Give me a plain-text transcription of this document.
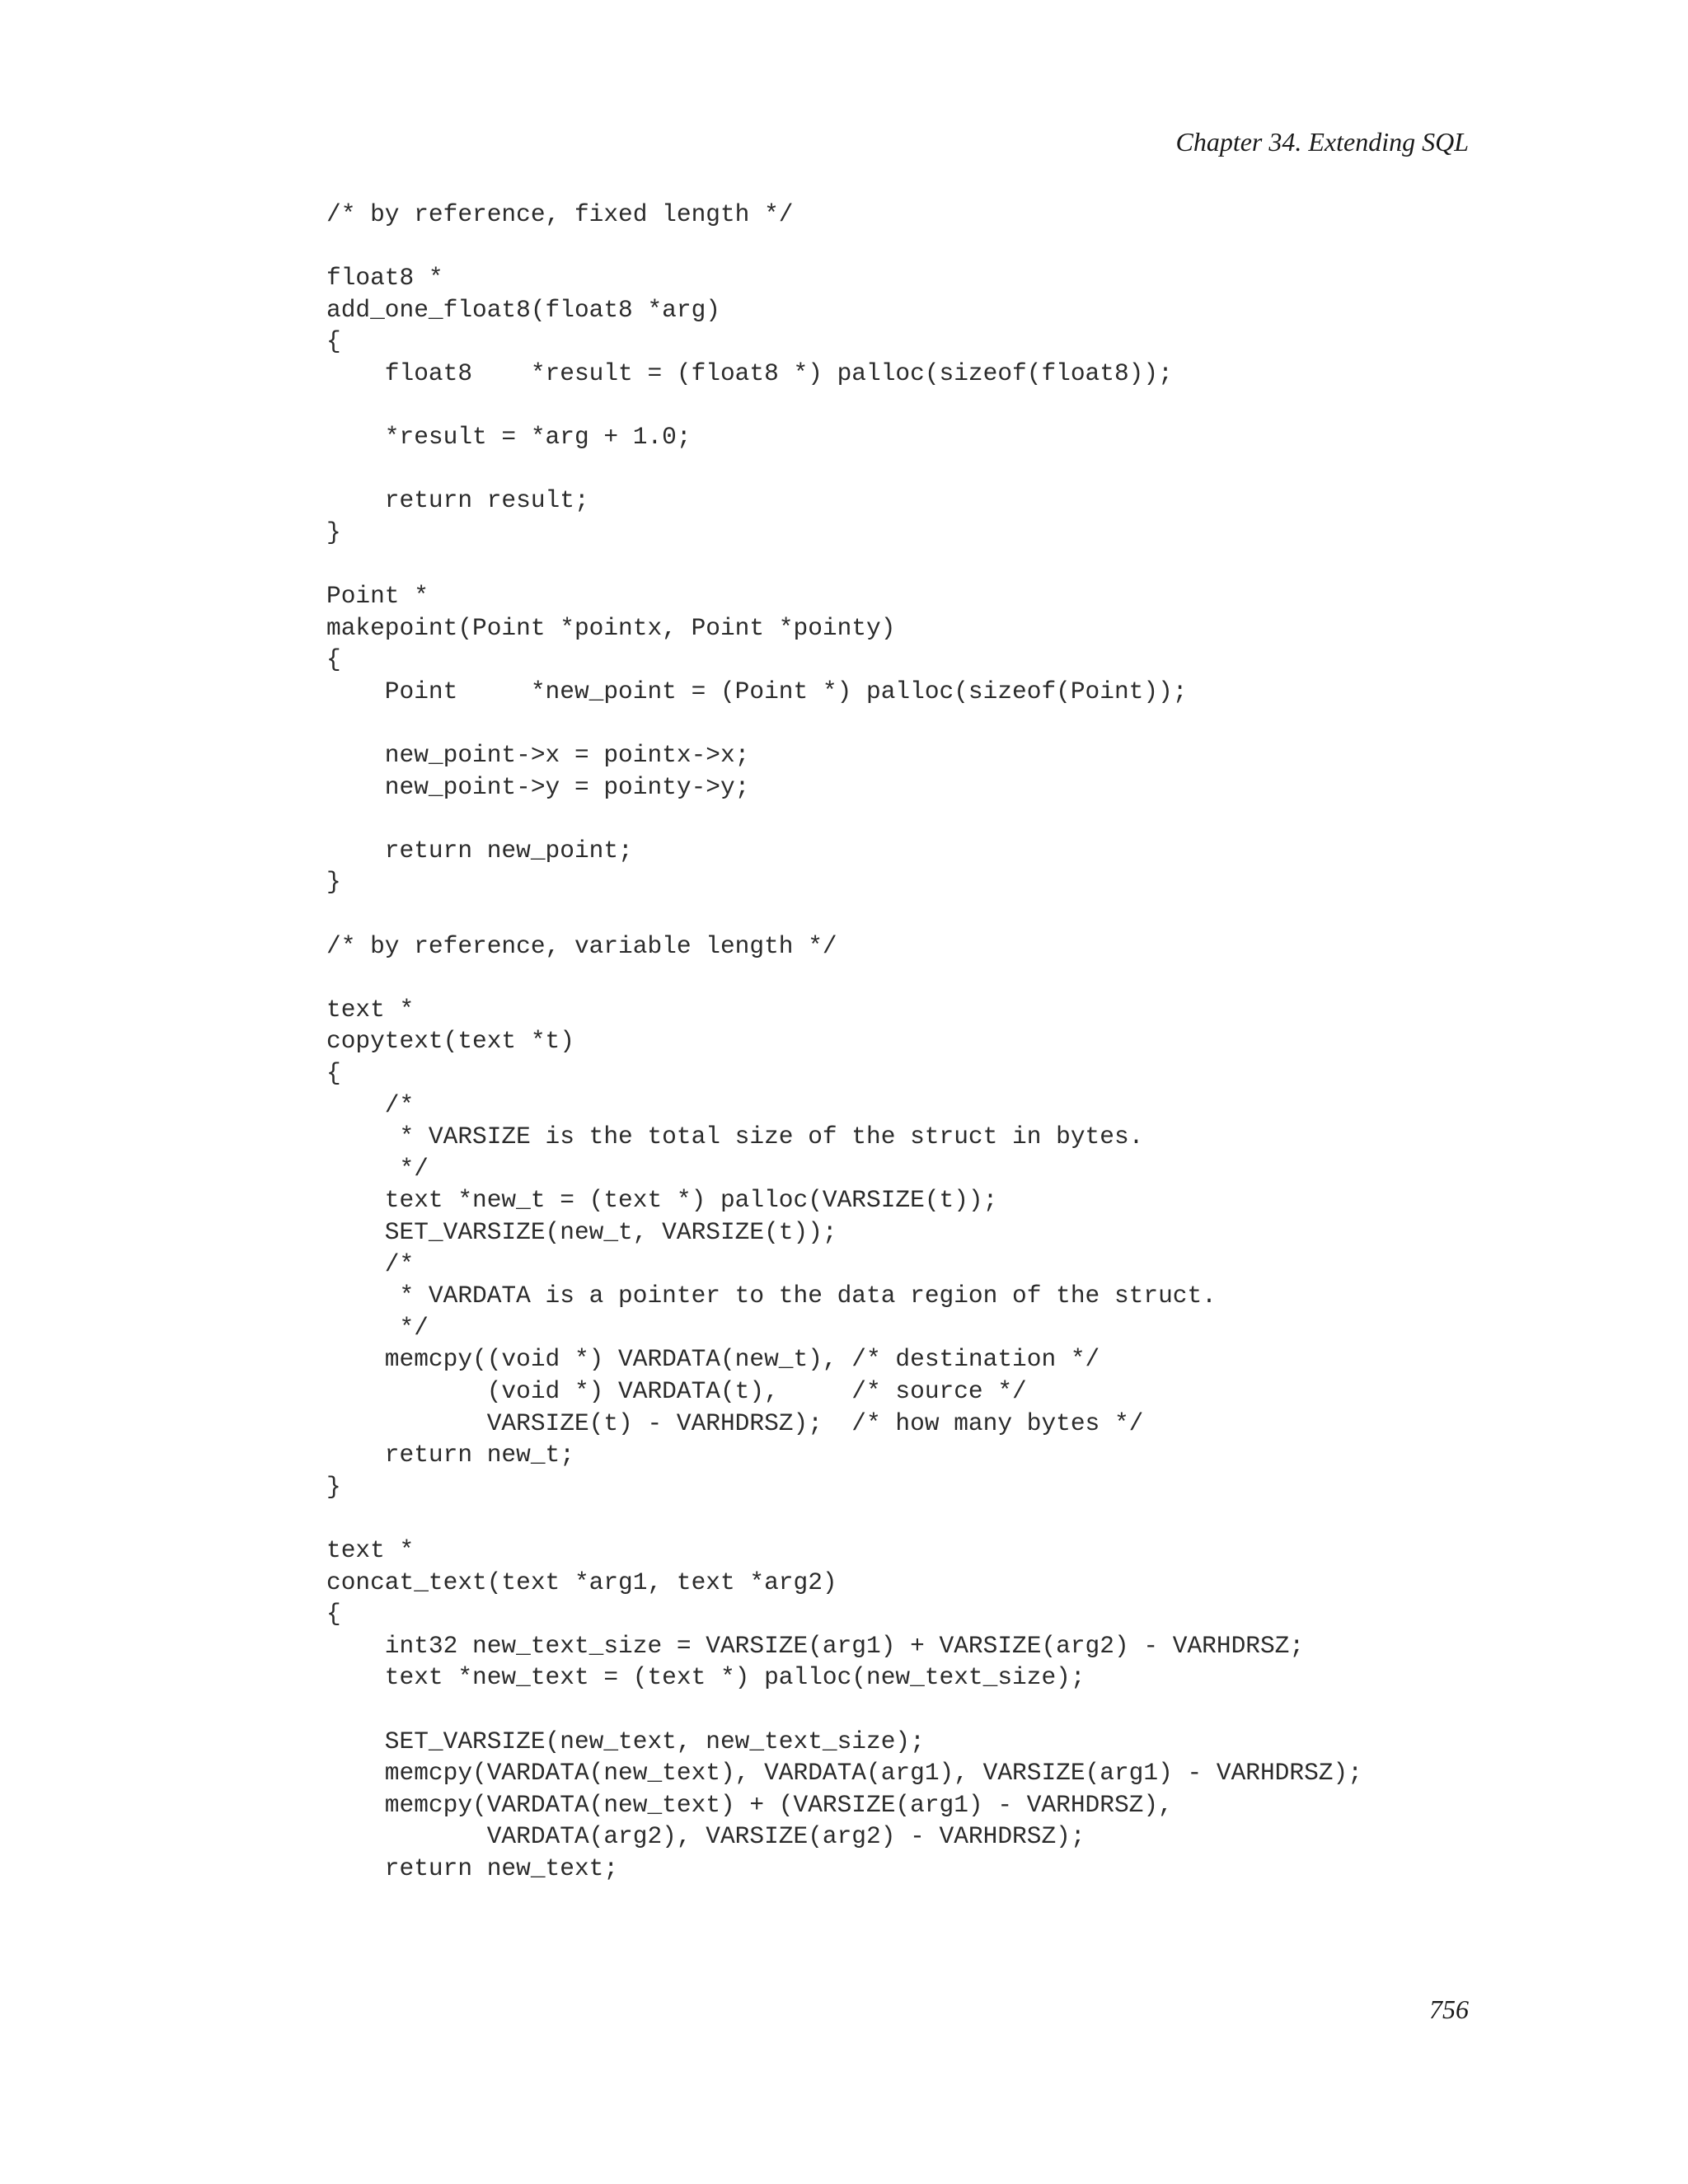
Chapter 34. Extending SQL
/* by reference, fixed length */
float8 *
add_one_float8(float8 *arg)
{
float8    *result = (float8 *) palloc(sizeof(float8));
*result = *arg + 1.0;
return result;
}
Point *
makepoint(Point *pointx, Point *pointy)
{
Point     *new_point = (Point *) palloc(sizeof(Point));
new_point->x = pointx->x;
new_point->y = pointy->y;
return new_point;
}
/* by reference, variable length */
text *
copytext(text *t)
{
/*
* VARSIZE is the total size of the struct in bytes.
*/
text *new_t = (text *) palloc(VARSIZE(t));
SET_VARSIZE(new_t, VARSIZE(t));
/*
* VARDATA is a pointer to the data region of the struct.
*/
memcpy((void *) VARDATA(new_t), /* destination */
(void *) VARDATA(t),     /* source */
VARSIZE(t) - VARHDRSZ);  /* how many bytes */
return new_t;
}
text *
concat_text(text *arg1, text *arg2)
{
int32 new_text_size = VARSIZE(arg1) + VARSIZE(arg2) - VARHDRSZ;
text *new_text = (text *) palloc(new_text_size);
SET_VARSIZE(new_text, new_text_size);
memcpy(VARDATA(new_text), VARDATA(arg1), VARSIZE(arg1) - VARHDRSZ);
memcpy(VARDATA(new_text) + (VARSIZE(arg1) - VARHDRSZ),
VARDATA(arg2), VARSIZE(arg2) - VARHDRSZ);
return new_text;
756
